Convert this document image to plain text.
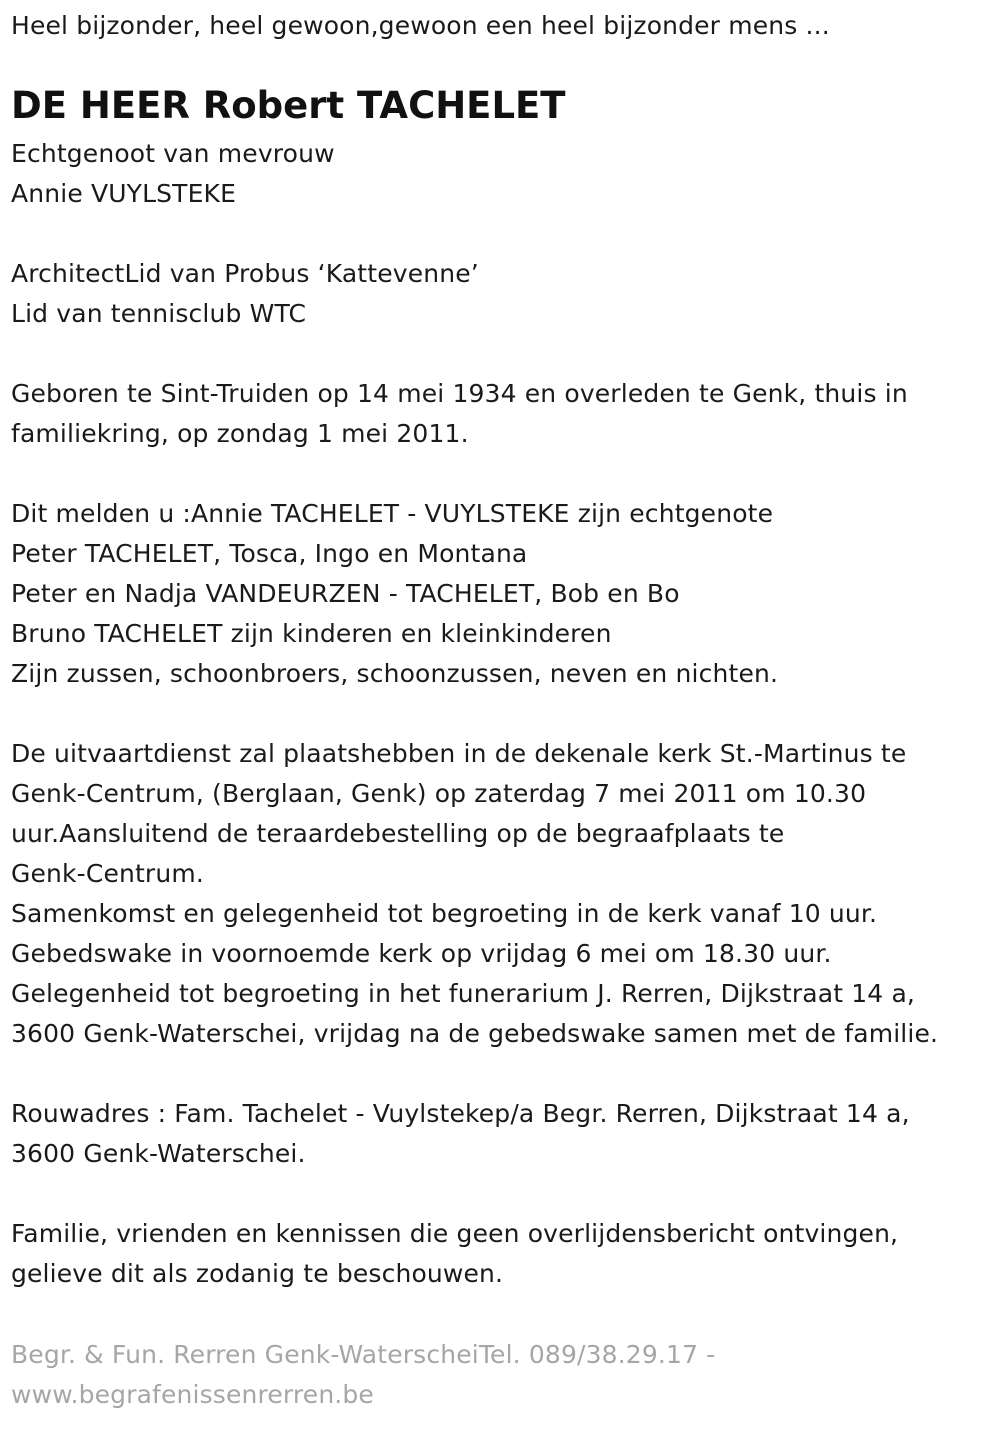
Heel bijzonder, heel gewoon,gewoon een heel bijzonder mens ...
DE HEER Robert TACHELET
Echtgenoot van mevrouw
Annie VUYLSTEKE
ArchitectLid van Probus ‘Kattevenne’
Lid van tennisclub WTC
Geboren te Sint-Truiden op 14 mei 1934 en overleden te Genk, thuis in
familiekring, op zondag 1 mei 2011.
Dit melden u :Annie TACHELET - VUYLSTEKE zijn echtgenote
Peter TACHELET, Tosca, Ingo en Montana
Peter en Nadja VANDEURZEN - TACHELET, Bob en Bo
Bruno TACHELET zijn kinderen en kleinkinderen
Zijn zussen, schoonbroers, schoonzussen, neven en nichten.
De uitvaartdienst zal plaatshebben in de dekenale kerk St.-Martinus te
Genk-Centrum, (Berglaan, Genk) op zaterdag 7 mei 2011 om 10.30
uur.Aansluitend de teraardebestelling op de begraafplaats te
Genk-Centrum.
Samenkomst en gelegenheid tot begroeting in de kerk vanaf 10 uur.
Gebedswake in voornoemde kerk op vrijdag 6 mei om 18.30 uur.
Gelegenheid tot begroeting in het funerarium J. Rerren, Dijkstraat 14 a,
3600 Genk-Waterschei, vrijdag na de gebedswake samen met de familie.
Rouwadres : Fam. Tachelet - Vuylstekep/a Begr. Rerren, Dijkstraat 14 a,
3600 Genk-Waterschei.
Familie, vrienden en kennissen die geen overlijdensbericht ontvingen,
gelieve dit als zodanig te beschouwen.
Begr. & Fun. Rerren Genk-WaterscheiTel. 089/38.29.17 -
www.begrafenissenrerren.be
